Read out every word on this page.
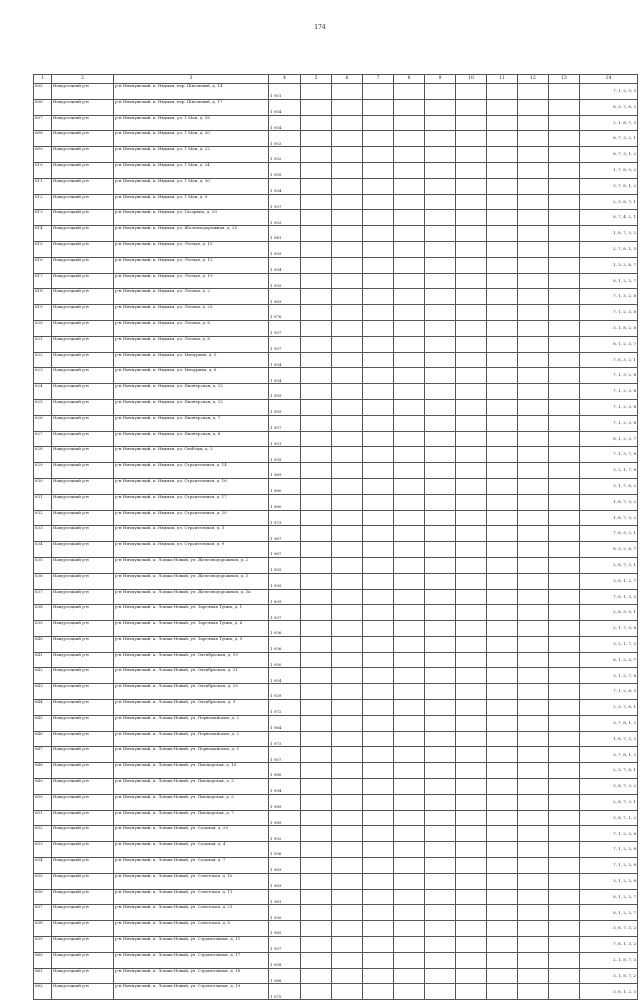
174
1	2	3	4	5	6	7	8	9	10	11	12	13	14
605	Навдусецкий р-н	р-н Ничпушский, к. Нвдыхи, пер. Школьный, д. 14	1 951										7, 1, 2, 9, 3
606	Навдусецкий р-н	р-н Ничпушский, к. Нвдыхи, пер. Школьный, д. 17	1 954										8, 3, 7, 8, 2
607	Навдусецкий р-н	р-н Ничпушский, к. Нвдыхи, ул. 1 Мая, д. 18	1 954										2, 1, 8, 7, 3
608	Навдусецкий р-н	р-н Ничпушский, к. Нвдыхи, ул. 1 Мая, д. 20	1 953										8, 7, 3, 2, 1
609	Навдусецкий р-н	р-н Ничпушский, к. Нвдыхи, ул. 1 Мая, д. 22	1 952										8, 7, 3, 1, 2
610	Навдусецкий р-н	р-н Ничпушский, к. Нвдыхи, ул. 1 Мая, д. 24	1 955										1, 7, 8, 3, 2
611	Навдусецкий р-н	р-н Ничпушский, к. Нвдыхи, ул. 1 Мая, д. 30	1 954										3, 7, 8, 1, 2
612	Навдусецкий р-н	р-н Ничпушский, к. Нвдыхи, ул. 1 Мая, д. 9	1 957										2, 3, 8, 7, 1
613	Навдусецкий р-н	р-н Ничпушский, к. Нвдыхи, ул. Гагарина, д. 29	1 953										8, 7, 4, 2, 1
614	Навдусецкий р-н	р-н Ничпушский, к. Нвдыхи, ул. Железнодорожная, д. 25	1 941										1, 8, 7, 3, 2
615	Навдусецкий р-н	р-н Ничпушский, к. Нвдыхи, ул. Лесная, д. 10	1 959										2, 7, 8, 1, 3
616	Навдусецкий р-н	р-н Ничпушский, к. Нвдыхи, ул. Лесная, д. 12	1 954										1, 3, 2, 8, 7
617	Навдусецкий р-н	р-н Ничпушский, к. Нвдыхи, ул. Лесная, д. 19	1 955										8, 1, 2, 3, 7
618	Навдусецкий р-н	р-н Ничпушский, к. Нвдыхи, ул. Лесная, д. 2	1 983										7, 1, 3, 2, 8
619	Навдусецкий р-н	р-н Ничпушский, к. Нвдыхи, ул. Лесная, д. 23	1 976										7, 1, 2, 3, 8
620	Навдусецкий р-н	р-н Ничпушский, к. Нвдыхи, ул. Лесная, д. 6	1 957										3, 1, 8, 2, 8
621	Навдусецкий р-н	р-н Ничпушский, к. Нвдыхи, ул. Лесная, д. 8	1 957										8, 1, 2, 3, 7
622	Навдусецкий р-н	р-н Ничпушский, к. Нвдыхи, ул. Мичурина, д. 5	1 954										7, 8, 3, 2, 1
623	Навдусецкий р-н	р-н Ничпушский, к. Нвдыхи, ул. Мичурина, д. 6	1 954										7, 1, 3, 2, 8
624	Навдусецкий р-н	р-н Ничпушский, к. Нвдыхи, ул. Пионерская, д. 12	1 959										7, 1, 2, 3, 8
625	Навдусецкий р-н	р-н Ничпушский, к. Нвдыхи, ул. Пионерская, д. 12	1 959										7, 1, 2, 3, 8
626	Навдусецкий р-н	р-н Ничпушский, к. Нвдыхи, ул. Пионерская, д. 7	1 957										7, 1, 2, 3, 8
627	Навдусецкий р-н	р-н Ничпушский, к. Нвдыхи, ул. Пионерская, д. 8	1 951										8, 1, 2, 3, 7
628	Навдусецкий р-н	р-н Ничпушский, к. Нвдыхи, ул. Свободы, д. 2	1 955										7, 1, 3, 7, 8
629	Навдусецкий р-н	р-н Ничпушский, к. Нвдыхи, ул. Строительная, д. 14	1 969										3, 2, 1, 7, 8
630	Навдусецкий р-н	р-н Ничпушский, к. Нвдыхи, ул. Строительная, д. 16	1 980										3, 1, 7, 8, 2
631	Навдусецкий р-н	р-н Ничпушский, к. Нвдыхи, ул. Строительная, д. 17	1 980										1, 8, 7, 3, 2
632	Навдусецкий р-н	р-н Ничпушский, к. Нвдыхи, ул. Строительная, д. 20	1 973										1, 8, 7, 3, 2
633	Навдусецкий р-н	р-н Ничпушский, к. Нвдыхи, ул. Строительная, д. 3	1 967										7, 8, 3, 2, 1
634	Навдусецкий р-н	р-н Ничпушский, к. Нвдыхи, ул. Строительная, д. 9	1 967										8, 3, 2, 8, 7
635	Навдусецкий р-н	р-н Ничпушский, к. Лопша-Новый, ул. Железнодорожная, д. 2	1 955										2, 8, 7, 3, 1
636	Навдусецкий р-н	р-н Ничпушский, к. Лопша-Новый, ул. Железнодорожная, д. 3	1 995										3, 8, 1, 2, 7
637	Навдусецкий р-н	р-н Ничпушский, к. Лопша-Новый, ул. Железнодорожная, д. 3а	1 899										7, 8, 1, 3, 2
638	Навдусецкий р-н	р-н Ничпушский, к. Лопша-Новый, ул. Заречная Тупик, д. 1	1 937										2, 8, 3, 3, 1
639	Навдусецкий р-н	р-н Ничпушский, к. Лопша-Новый, ул. Заречная Тупик, д. 6	1 936										2, 1, 7, 3, 8
640	Навдусецкий р-н	р-н Ничпушский, к. Лопша-Новый, ул. Заречная Тупик, д. 9	1 936										3, 2, 1, 7, 3
641	Навдусецкий р-н	р-н Ничпушский, к. Лопша-Новый, ул. Октябрьская, д. 19	1 950										8, 1, 2, 3, 7
642	Навдусецкий р-н	р-н Ничпушский, к. Лопша-Новый, ул. Октябрьская, д. 21	1 954										3, 1, 2, 7, 8
643	Навдусецкий р-н	р-н Ничпушский, к. Лопша-Новый, ул. Октябрьская, д. 23	1 939										7, 1, 2, 8, 3
644	Навдусецкий р-н	р-н Ничпушский, к. Лопша-Новый, ул. Октябрьская, д. 9	1 972										2, 3, 7, 8, 1
645	Навдусецкий р-н	р-н Ничпушский, к. Лопша-Новый, ул. Первомайская, д. 2	1 984										3, 7, 8, 1, 2
646	Навдусецкий р-н	р-н Ничпушский, к. Лопша-Новый, ул. Первомайская, д. 2	1 973										1, 8, 7, 3, 2
647	Навдусецкий р-н	р-н Ничпушский, к. Лопша-Новый, ул. Первомайская, д. 5	1 957										3, 7, 8, 1, 2
648	Навдусецкий р-н	р-н Ничпушский, к. Лопша-Новый, ул. Пионерская, д. 10	1 980										2, 3, 7, 8, 1
649	Навдусецкий р-н	р-н Ничпушский, к. Лопша-Новый, ул. Пионерская, д. 3	1 994										3, 8, 7, 3, 2
650	Навдусецкий р-н	р-н Ничпушский, к. Лопша-Новый, ул. Пионерская, д. 5	1 989										2, 8, 7, 3, 1
651	Навдусецкий р-н	р-н Ничпушский, к. Лопша-Новый, ул. Пионерская, д. 7	1 989										3, 8, 7, 1, 2
652	Навдусецкий р-н	р-н Ничпушский, к. Лопша-Новый, ул. Садовая, д. 20	1 992										7, 1, 2, 3, 8
653	Навдусецкий р-н	р-н Ничпушский, к. Лопша-Новый, ул. Садовая, д. 4	1 956										7, 1, 2, 3, 8
654	Навдусецкий р-н	р-н Ничпушский, к. Лопша-Новый, ул. Садовая, д. 7	1 983										7, 1, 2, 3, 8
655	Навдусецкий р-н	р-н Ничпушский, к. Лопша-Новый, ул. Советская, д. 10	1 983										3, 1, 2, 3, 8
656	Навдусецкий р-н	р-н Ничпушский, к. Лопша-Новый, ул. Советская, д. 11	1 981										8, 1, 2, 3, 7
657	Навдусецкий р-н	р-н Ничпушский, к. Лопша-Новый, ул. Советская, д. 21	1 950										8, 1, 2, 3, 7
658	Навдусецкий р-н	р-н Ничпушский, к. Лопша-Новый, ул. Советская, д. 8	1 985										3, 8, 7, 3, 2
659	Навдусецкий р-н	р-н Ничпушский, к. Лопша-Новый, ул. Строительная, д. 11	1 957										7, 8, 1, 3, 2
660	Навдусецкий р-н	р-н Ничпушский, к. Лопша-Новый, ул. Строительная, д. 17	1 958										2, 1, 8, 7, 3
661	Навдусецкий р-н	р-н Ничпушский, к. Лопша-Новый, ул. Строительная, д. 18	1 988										3, 1, 8, 7, 2
662	Навдусецкий р-н	р-н Ничпушский, к. Лопша-Новый, ул. Строительная, д. 19	1 975										3, 8, 1, 2, 3
